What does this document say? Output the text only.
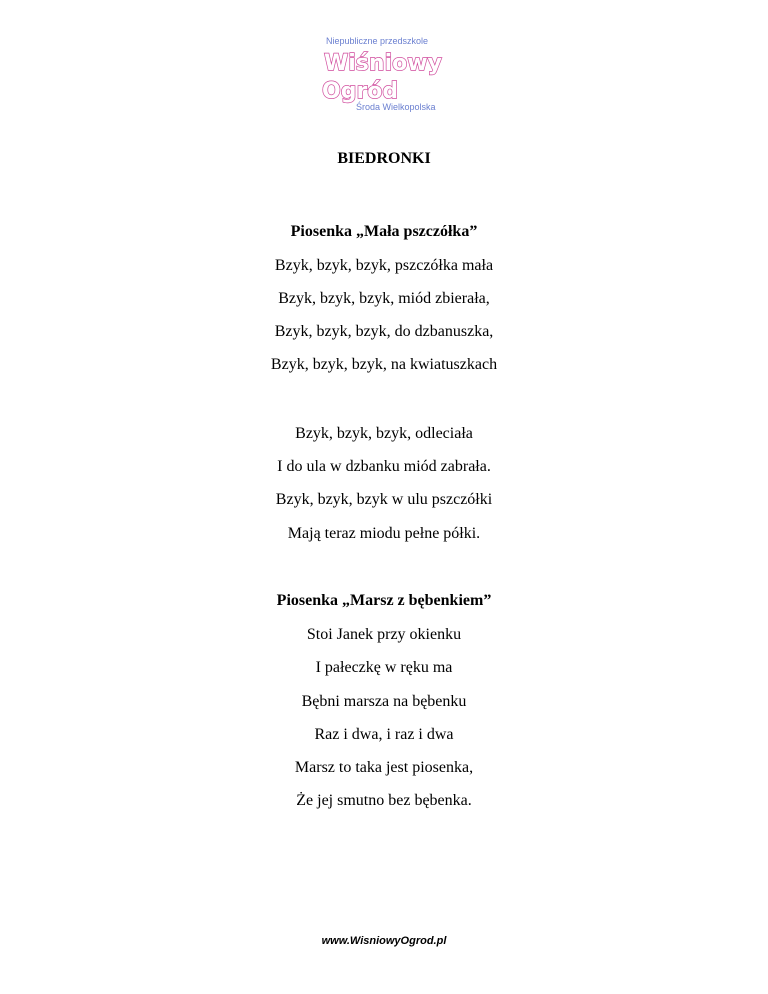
Niepubliczne przedszkole
Wiśniowy
Ogród
Środa Wielkopolska
BIEDRONKI
Piosenka „Mała pszczółka”
Bzyk, bzyk, bzyk, pszczółka mała
Bzyk, bzyk, bzyk, miód zbierała,
Bzyk, bzyk, bzyk, do dzbanuszka,
Bzyk, bzyk, bzyk, na kwiatuszkach
Bzyk, bzyk, bzyk, odleciała
I do ula w dzbanku miód zabrała.
Bzyk, bzyk, bzyk w ulu pszczółki
Mają teraz miodu pełne półki.
Piosenka „Marsz z bębenkiem”
Stoi Janek przy okienku
I pałeczkę w ręku ma
Bębni marsza na bębenku
Raz i dwa, i raz i dwa
Marsz to taka jest piosenka,
Że jej smutno bez bębenka.
www.WisniowyOgrod.pl
